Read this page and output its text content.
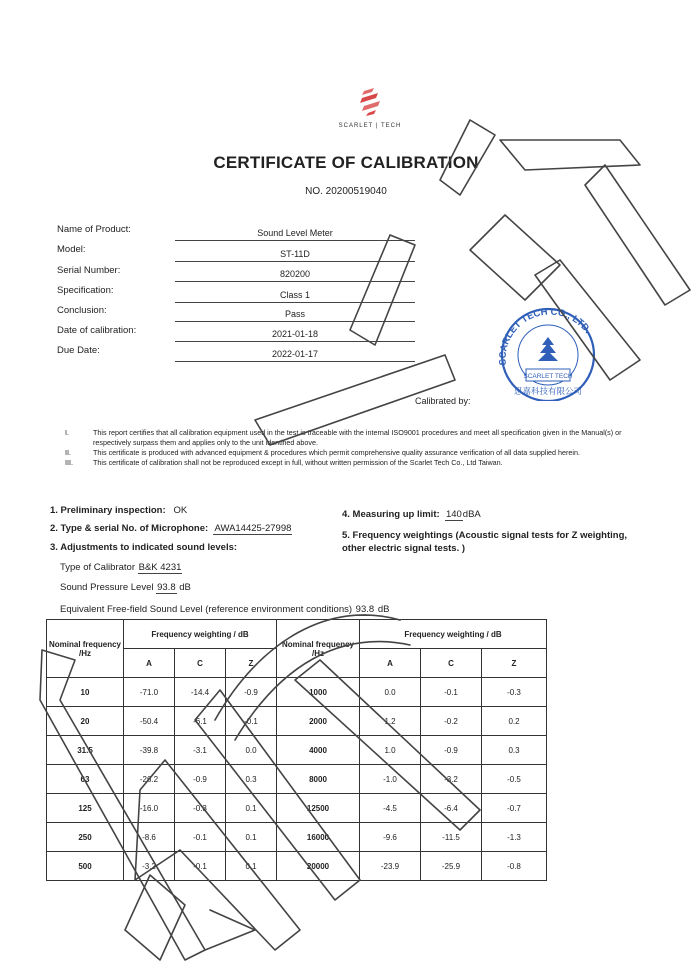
SCARLET | TECH
CERTIFICATE OF CALIBRATION
NO. 20200519040
Name of Product:	Sound Level Meter
Model:	ST-11D
Serial Number:	820200
Specification:	Class 1
Conclusion:	Pass
Date of calibration:	2021-01-18
Due Date:	2022-01-17
SCARLET TECH CO., LTD.
SCARLET TECH
思嘉科技有限公司
Calibrated by:
I.	This report certifies that all calibration equipment used in the test is traceable with the internal ISO9001 procedures and meet all specification given in the Manual(s) or respectively surpass them and applies only to the unit identified above.
II.	This certificate is produced with advanced equipment & procedures which permit comprehensive quality assurance verification of all data supplied herein.
III.	This certificate of calibration shall not be reproduced except in full, without written permission of the Scarlet Tech Co., Ltd Taiwan.
1. Preliminary inspection: OK
2. Type & serial No. of Microphone: AWA14425-27998
3. Adjustments to indicated sound levels:
4. Measuring up limit: 140dBA
5. Frequency weightings (Acoustic signal tests for Z weighting, other electric signal tests. )
Type of Calibrator B&K 4231
Sound Pressure Level 93.8 dB
Equivalent Free-field Sound Level (reference environment conditions) 93.8 dB
Nominal frequency /Hz	Frequency weighting / dB			Nominal frequency /Hz	Frequency weighting / dB		
	A	C	Z		A	C	Z
10	-71.0	-14.4	-0.9	1000	0.0	-0.1	-0.3
20	-50.4	-6.1	-0.1	2000	1.2	-0.2	0.2
31.5	-39.8	-3.1	0.0	4000	1.0	-0.9	0.3
63	-26.2	-0.9	0.3	8000	-1.0	-3.2	-0.5
125	-16.0	-0.3	0.1	12500	-4.5	-6.4	-0.7
250	-8.6	-0.1	0.1	16000	-9.6	-11.5	-1.3
500	-3.2	-0.1	0.1	20000	-23.9	-25.9	-0.8
